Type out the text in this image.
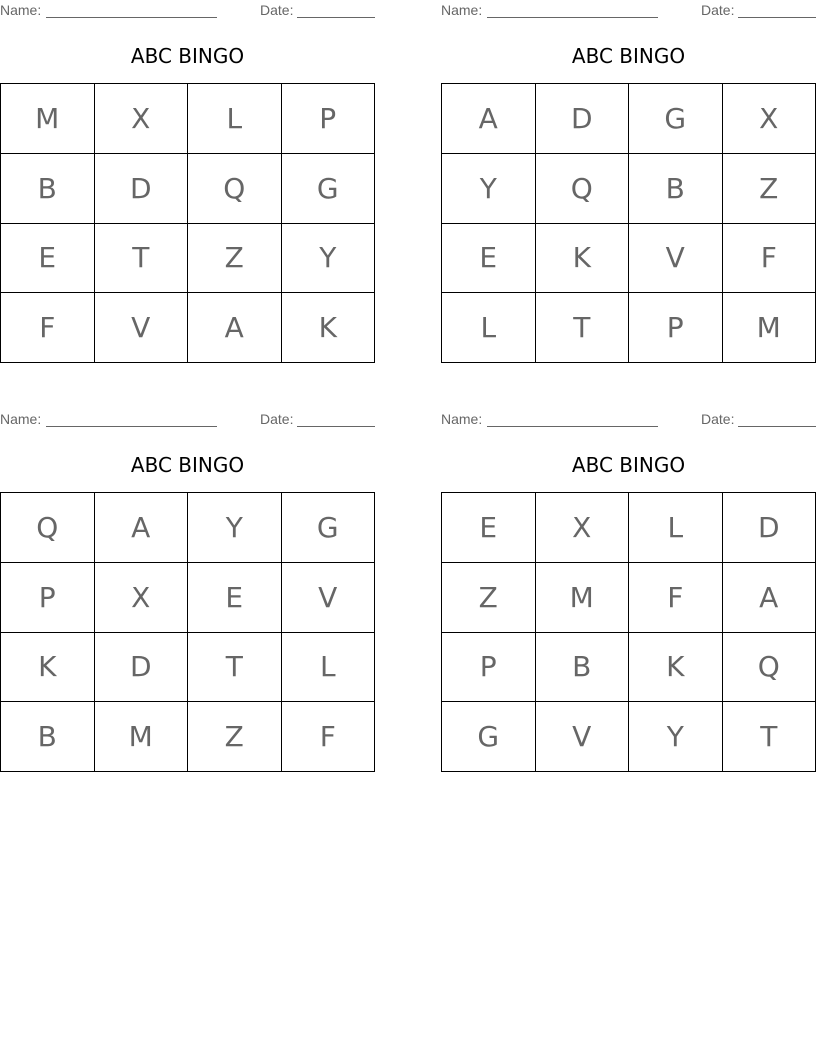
Name:	Date:
ABC BINGO
M	X	L	P
B	D	Q	G
E	T	Z	Y
F	V	A	K
Name:	Date:
ABC BINGO
A	D	G	X
Y	Q	B	Z
E	K	V	F
L	T	P	M
Name:	Date:
ABC BINGO
Q	A	Y	G
P	X	E	V
K	D	T	L
B	M	Z	F
Name:	Date:
ABC BINGO
E	X	L	D
Z	M	F	A
P	B	K	Q
G	V	Y	T
